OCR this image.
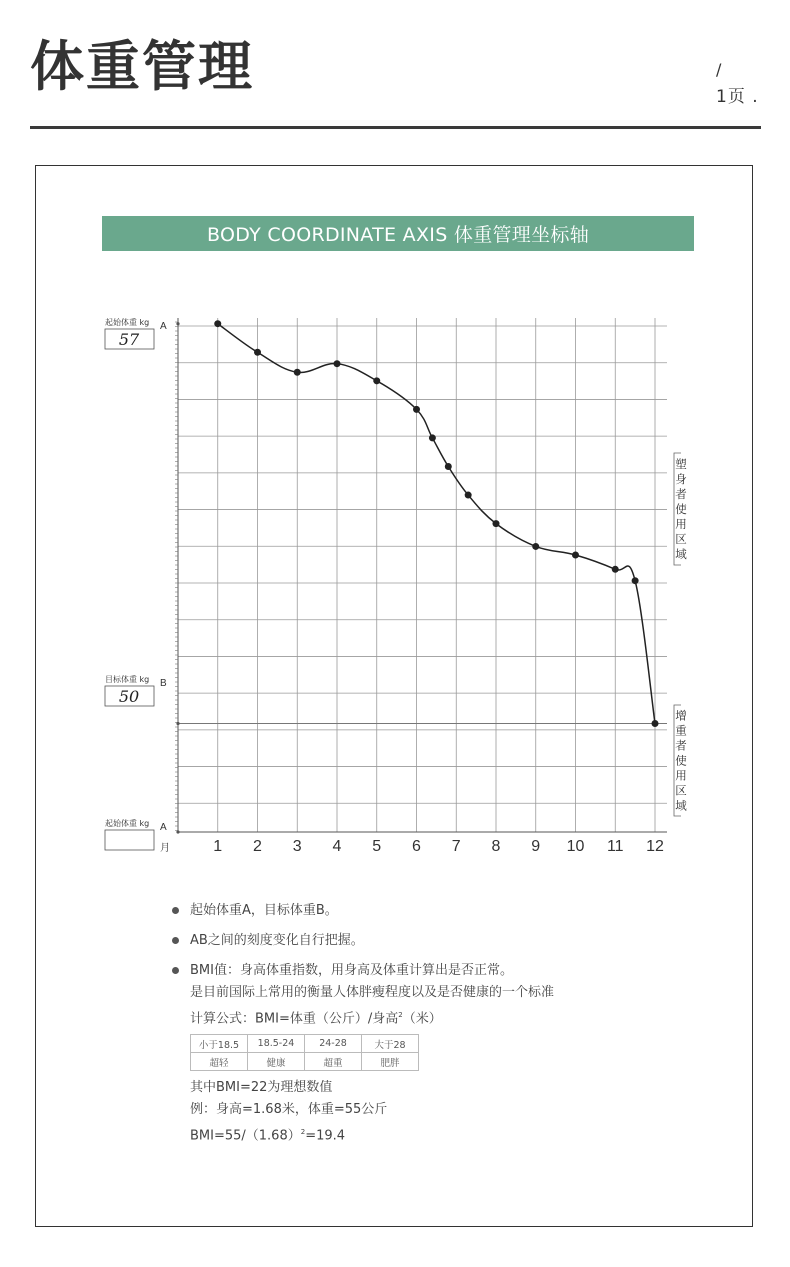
体重管理	/
1页 .
BODY COORDINATE AXIS 体重管理坐标轴
1 2 3 4 5 6 7 8 9 10 11 12
起始体重 kg
57
A
目标体重 kg
50
B
起始体重 kg A
月
塑
身
者
使
用
区
域
增
重
者
使
用
区
域
起始体重A，目标体重B。
AB之间的刻度变化自行把握。
BMI值：身高体重指数，用身高及体重计算出是否正常。
是目前国际上常用的衡量人体胖瘦程度以及是否健康的一个标准
计算公式：BMI=体重（公斤）/身高$^2$（米）
小于18.5	18.5-24	24-28	大于28
超轻	健康	超重	肥胖
其中BMI=22为理想数值
例：身高=1.68米，体重=55公斤
$BMI=55/(1.68)^2=19.4$
